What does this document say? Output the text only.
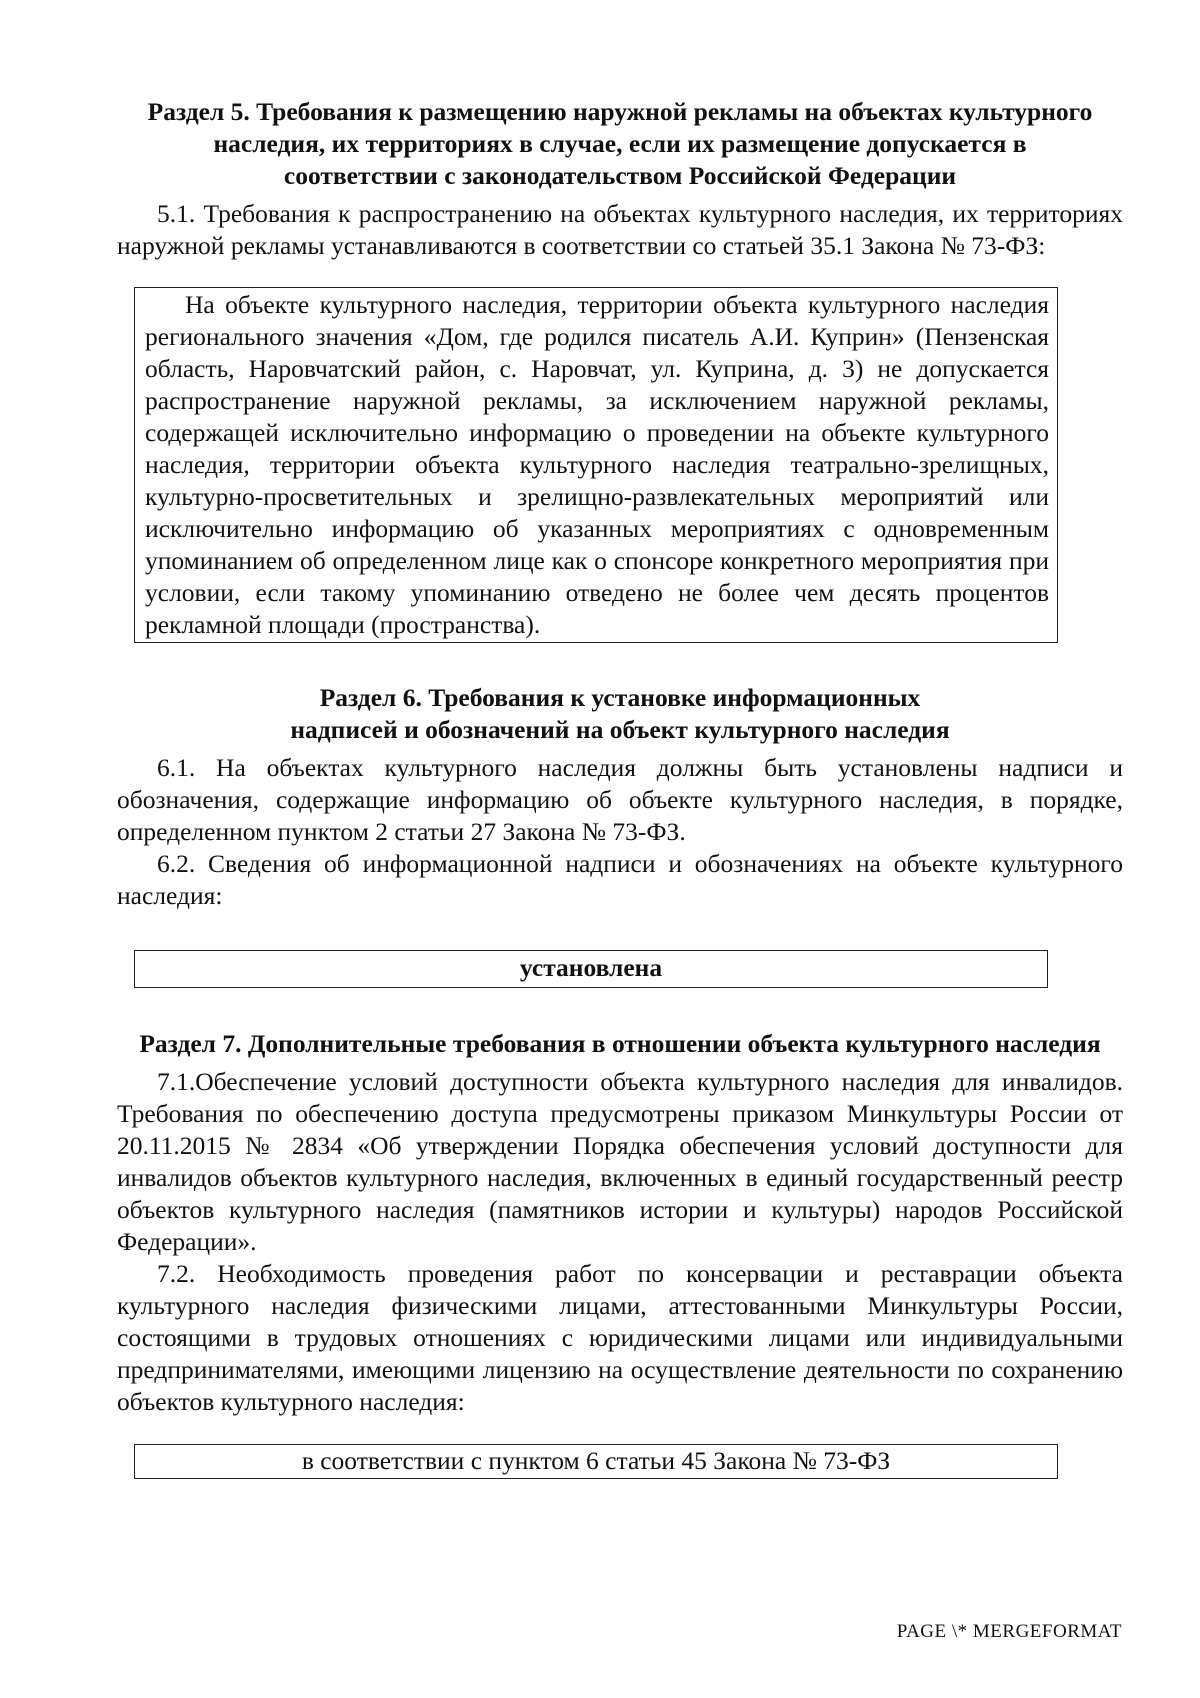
Раздел 5. Требования к размещению наружной рекламы на объектах культурного наследия, их территориях в случае, если их размещение допускается в соответствии с законодательством Российской Федерации

5.1. Требования к распространению на объектах культурного наследия, их территориях наружной рекламы устанавливаются в соответствии со статьей 35.1 Закона № 73-ФЗ:

На объекте культурного наследия, территории объекта культурного наследия регионального значения «Дом, где родился писатель А.И. Куприн» (Пензенская область, Наровчатский район, с. Наровчат, ул. Куприна, д. 3) не допускается распространение наружной рекламы, за исключением наружной рекламы, содержащей исключительно информацию о проведении на объекте культурного наследия, территории объекта культурного наследия театрально-зрелищных, культурно-просветительных и зрелищно-развлекательных мероприятий или исключительно информацию об указанных мероприятиях с одновременным упоминанием об определенном лице как о спонсоре конкретного мероприятия при условии, если такому упоминанию отведено не более чем десять процентов рекламной площади (пространства).

Раздел 6. Требования к установке информационных надписей и обозначений на объект культурного наследия

6.1. На объектах культурного наследия должны быть установлены надписи и обозначения, содержащие информацию об объекте культурного наследия, в порядке, определенном пунктом 2 статьи 27 Закона № 73-ФЗ.

6.2. Сведения об информационной надписи и обозначениях на объекте культурного наследия:

установлена

Раздел 7. Дополнительные требования в отношении объекта культурного наследия

7.1.Обеспечение условий доступности объекта культурного наследия для инвалидов. Требования по обеспечению доступа предусмотрены приказом Минкультуры России от 20.11.2015 № 2834 «Об утверждении Порядка обеспечения условий доступности для инвалидов объектов культурного наследия, включенных в единый государственный реестр объектов культурного наследия (памятников истории и культуры) народов Российской Федерации».

7.2. Необходимость проведения работ по консервации и реставрации объекта культурного наследия физическими лицами, аттестованными Минкультуры России, состоящими в трудовых отношениях с юридическими лицами или индивидуальными предпринимателями, имеющими лицензию на осуществление деятельности по сохранению объектов культурного наследия:

в соответствии с пунктом 6 статьи 45 Закона № 73-ФЗ

PAGE \* MERGEFORMAT
